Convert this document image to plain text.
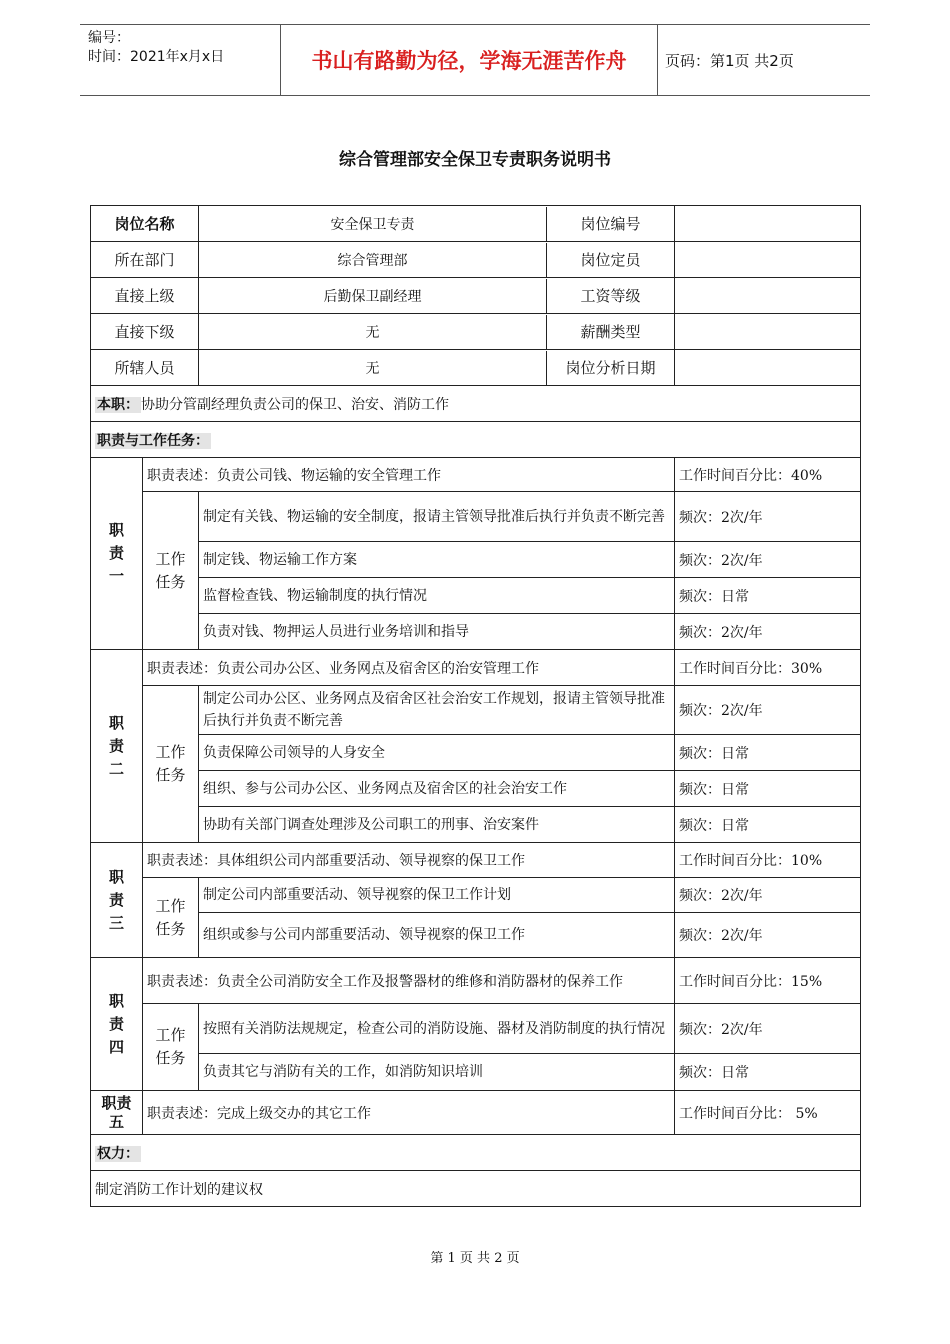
编号：
时间：2021年x月x日	书山有路勤为径，学海无涯苦作舟	页码：第1页 共2页
综合管理部安全保卫专责职务说明书
岗位名称		安全保卫专责 岗位编号	

所在部门		综合管理部 岗位定员	

直接上级		后勤保卫副经理 工资等级	

直接下级		无 薪酬类型	

所辖人员		无 岗位分析日期	

本职： 协助分管副经理负责公司的保卫、治安、消防工作			
职责与工作任务：			

职
责
一	职责表述：负责公司钱、物运输的安全管理工作		工作时间百分比：40%

	工作
任务	制定有关钱、物运输的安全制度，报请主管领导批准后执行并负责不断完善	频次：2次/年
		制定钱、物运输工作方案	频次：2次/年
		监督检查钱、物运输制度的执行情况	频次：日常
		负责对钱、物押运人员进行业务培训和指导	频次：2次/年

职
责
二	职责表述：负责公司办公区、业务网点及宿舍区的治安管理工作		工作时间百分比：30%

	工作
任务	制定公司办公区、业务网点及宿舍区社会治安工作规划，报请主管领导批准后执行并负责不断完善	频次：2次/年
		负责保障公司领导的人身安全	频次：日常
		组织、参与公司办公区、业务网点及宿舍区的社会治安工作	频次：日常
		协助有关部门调查处理涉及公司职工的刑事、治安案件	频次：日常

职
责
三	职责表述：具体组织公司内部重要活动、领导视察的保卫工作		工作时间百分比：10%

	工作
任务	制定公司内部重要活动、领导视察的保卫工作计划	频次：2次/年
		组织或参与公司内部重要活动、领导视察的保卫工作	频次：2次/年

职
责
四	职责表述：负责全公司消防安全工作及报警器材的维修和消防器材的保养工作		工作时间百分比：15%

	工作
任务	按照有关消防法规规定，检查公司的消防设施、器材及消防制度的执行情况	频次：2次/年
		负责其它与消防有关的工作，如消防知识培训	频次：日常

职责
五	职责表述：完成上级交办的其它工作		工作时间百分比： 5%
权力：			
制定消防工作计划的建议权			
第 1 页 共 2 页
